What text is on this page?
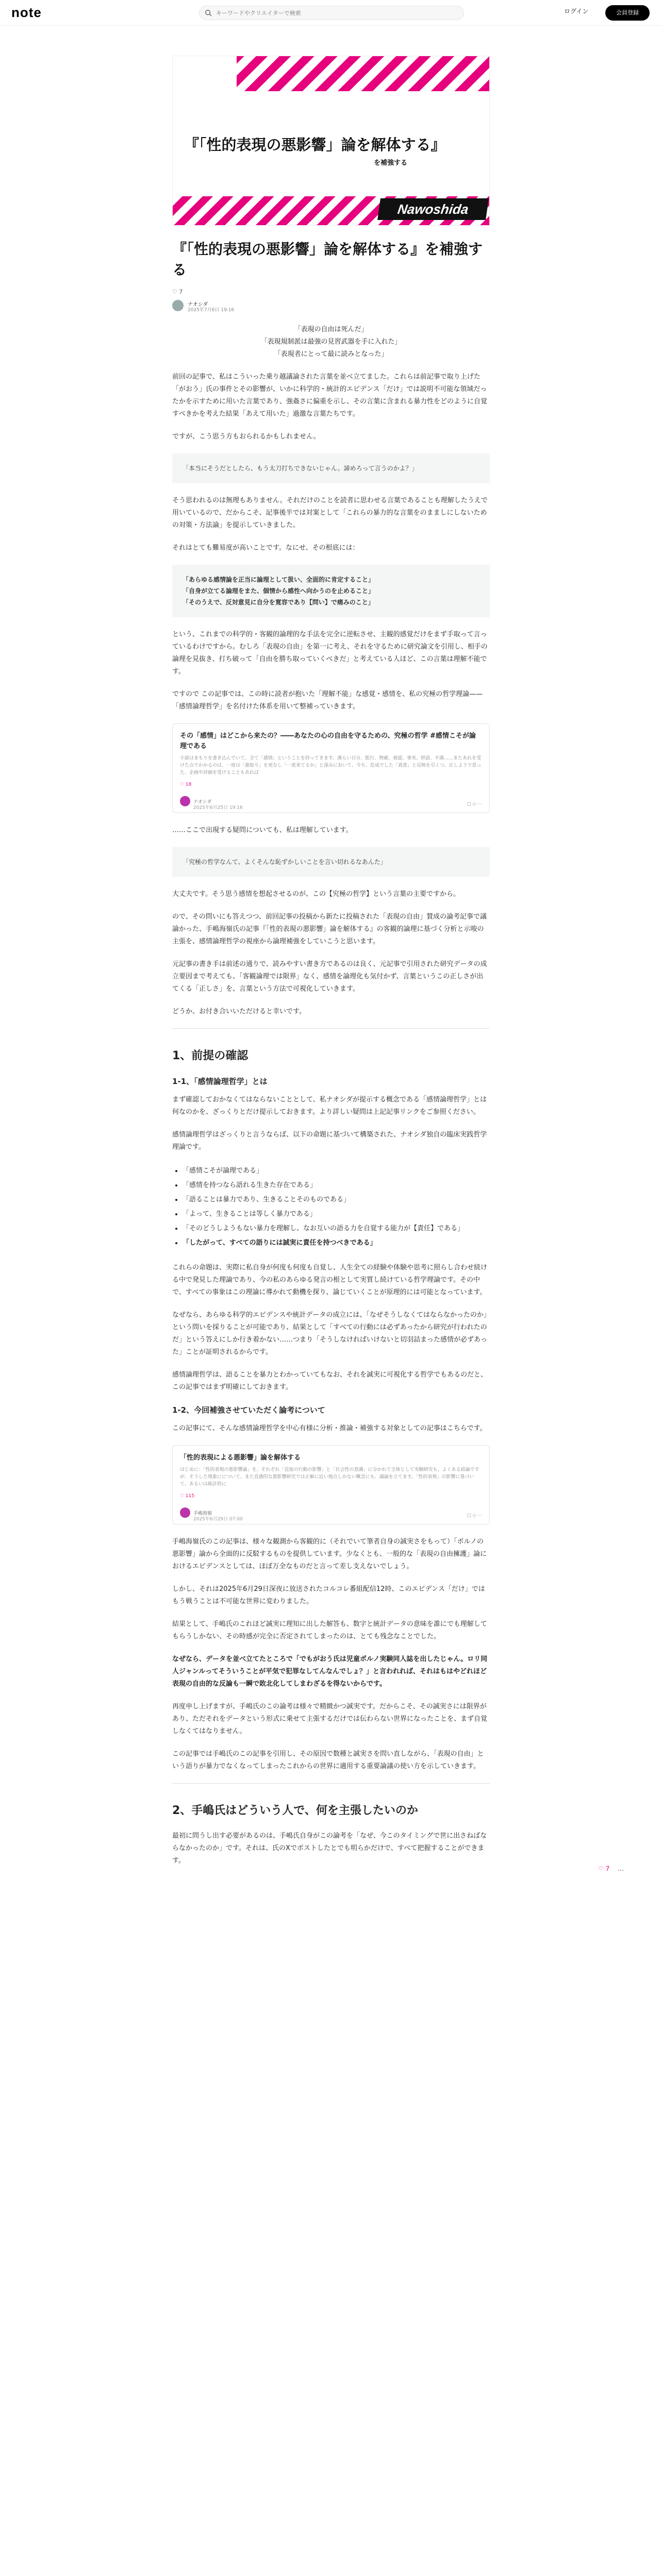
note
キーワードやクリエイターで検索	ログイン	会員登録
『「性的表現の悪影響」論を解体する』
を補強する
Nawoshida
『「性的表現の悪影響」論を解体する』を補強する
♡ 7
ナオシダ
2025年7月6日 19:16

「表現の自由は死んだ」
「表現規制派は最強の見習武器を手に入れた」
「表現者にとって最に読みとなった」

前回の記事で、私はこういった乗り越議論された言葉を並べ立てました。これらは前記事で取り上げた「がおう」氏の事件とその影響が、いかに科学的・統計的エビデンス「だけ」では説明不可能な領域だったかを示すために用いた言葉であり、強姦さに偏重を示し、その言葉に含まれる暴力性をどのように自覚すべきかを考えた結果「あえて用いた」過激な言葉たちです。

ですが、こう思う方もおられるかもしれません。

「本当にそうだとしたら、もう太刀打ちできないじゃん。諦めろって言うのかよ？」

そう思われるのは無理もありません。それだけのことを読者に思わせる言葉であることも理解したうえで用いているので、だからこそ、記事後半では対案として「これらの暴力的な言葉をのまましにしないための対策・方法論」を提示していきました。

それはとても難易度が高いことです。なにせ、その根底には：

「あらゆる感情論を正当に論理として扱い、全面的に肯定すること」
「自身が立てる論理をまた、個情から感性へ向かうのを止めること」
「そのうえで、反対意見に自分を寛容であり【問い】で痛みのこと」

という、これまでの科学的・客観的論理的な手法を完全に逆転させ、主観的感覚だけをまず手取って言っているわけですから。むしろ「表現の自由」を第一に考え、それを守るために研究論文を引用し、相手の論理を見抜き、打ち破って「自由を勝ち取っていくべきだ」と考えている人ほど、この言葉は理解不能です。

ですので この記事では、この時に読者が抱いた「理解不能」な感覚・感情を、私の究極の哲学理論——「感情論理哲学」を名付けた体系を用いて整補っていきます。

その「感情」はどこから来たの？――あなたの心の自由を守るための、究極の哲学 #感情こそが論理である
小説はまもりを書き込んでいて、全て「感情」ということを持ってきます。漢らい日分、監行、物確、被認、事実、絆語、不満……またあれを受けた点でわかるのは、一度は「誰取り」を更なし「一度来てるか」と深みにおいて、今ち、危成でした「真意」と反映を引くつ、正しようで思った、企画や評価を受けることもあれば
♡ 18
ナオシダ
2025年6月25日 19:16
□ ◇ ···

……ここで出現する疑問についても、私は理解しています。

「究極の哲学なんて、よくそんな恥ずかしいことを言い切れるなあんた」

大丈夫です。そう思う感情を想起させるのが、この【究極の哲学】という言葉の主要ですから。

ので、その問いにも答えつつ、前回記事の投稿から新たに投稿された「表現の自由」賛成の論考記事で議論かった、手嶋海嶺氏の記事『「性的表現の悪影響」論を解体する』の客観的論理に基づく分析と示唆の主張を、感情論理哲学の視座から論理補強をしていこうと思います。

元記事の書き手は前述の通りで、読みやすい書き方であるのは良く、元記事で引用された研究データの成立要因まで考えても、「客観論理では限界」なく、感情を論理化も気付かず、言葉というこの正しさが出てくる「正しさ」を、言葉という方法で可視化していきます。

どうか、お付き合いいただけると幸いです。

1、前提の確認
1-1、「感情論理哲学」とは

まず確認しておかなくてはならないこととして、私ナオシダが提示する概念である「感情論理哲学」とは何なのかを、ざっくりとだけ提示しておきます。より詳しい疑問は上記記事リンクをご参照ください。

感情論理哲学はざっくりと言うならば、以下の命題に基づいて構築された、ナオシダ独自の臨床実践哲学理論です。

• 「感情こそが論理である」
• 「感情を持つなら語れる生きた存在である」
• 「語ることは暴力であり、生きることそのものである」
• 「よって、生きることは等しく暴力である」
• 「そのどうしようもない暴力を理解し、なお互いの語る力を自覚する能力が【責任】である」
• 「したがって、すべての語りには誠実に責任を持つべきである」

これらの命題は、実際に私自身が何度も何度も自覚し、人生全ての経験や体験や思考に照らし合わせ続ける中で発見した理論であり、今の私のあらゆる発言の根として実質し続けている哲学理論です。その中で、すべての事象はこの理論に導かれて動機を探り、論じていくことが原理的には可能となっています。

なぜなら、あらゆる科学的エビデンスや統計データの成立には、「なぜそうしなくてはならなかったのか」という問いを採りることが可能であり、結果として「すべての行動には必ずあったから研究が行われたのだ」という答えにしか行き着かない……つまり「そうしなければいけないと切羽詰まった感情が必ずあった」ことが証明されるからです。

感情論理哲学は、語ることを暴力とわかっていてもなお、それを誠実に可視化する哲学でもあるのだと、この記事ではまず明確にしておきます。

1-2、今回補強させていただく論考について

この記事にて、そんな感情論理哲学を中心有様に分析・推論・補強する対象としての記事はこちらです。

「性的表現による悪影響」論を解体する
はじめに：「性的表現の悪影響論」を、それぞれ「直接の行動の影響」と「社会性の意識」に分かれて全体として実験研究も、よくある結論ですが、そうした現象にについて、また直感的な悪影響研究では正解に近い地点しかない概念にも、議論を立てます。「性的表現」の影響に基づいて、あるいは統計的に
♡ 115
手嶋海嶺
2025年6月29日 07:00
□ ◇ ···

手嶋海嶺氏のこの記事は、様々な観測から客観的に（それでいて筆者自身の誠実さをもって）「ポルノの悪影響」論から全面的に反駁するものを提供しています。少なくとも、一般的な「表現の自由擁護」論におけるエビデンスとしては、ほぼ万全なものだと言って差し支えないでしょう。

しかし、それは2025年6月29日深夜に放送されたコルコレ番組配信12時、このエビデンス「だけ」ではもう戦うことは不可能な世界に変わりました。

結果として、手嶋氏のこれほど誠実に理知に出した解答も、数字と統計データの意味を誰にでも理解してもらうしかない、その時感が完全に否定されてしまったのは、とても残念なことでした。

なぜなら、データを並べ立てたところで「でもがおう氏は児童ポルノ実験同人誌を出したじゃん。ロリ同人ジャンルってそういうことが平気で犯罪なしてんなんでしょ？」と言われれば、それはもはやどれほど表現の自由的な反論も一瞬で敗北化してしまわざるを得ないからです。

再度申し上げますが、手嶋氏のこの論考は様々で精緻かつ誠実です。だからこそ、その誠実さには限界があり、ただそれをデータという形式に乗せて主張するだけでは伝わらない世界になったことを、まず自覚しなくてはなりません。

この記事では手嶋氏のこの記事を引用し、その原因で数種と誠実さを問い直しながら、「表現の自由」という語りが暴力でなくなってしまったこれからの世界に適用する重要論議の使い方を示していきます。

2、手嶋氏はどういう人で、何を主張したいのか

最初に問うし出す必要があるのは、手嶋氏自身がこの論考を「なぜ、今このタイミングで世に出さねばならなかったのか」です。それは、氏のXでポストしたとでも明らかだけで、すべて把握することができます。

♡ 7 …
